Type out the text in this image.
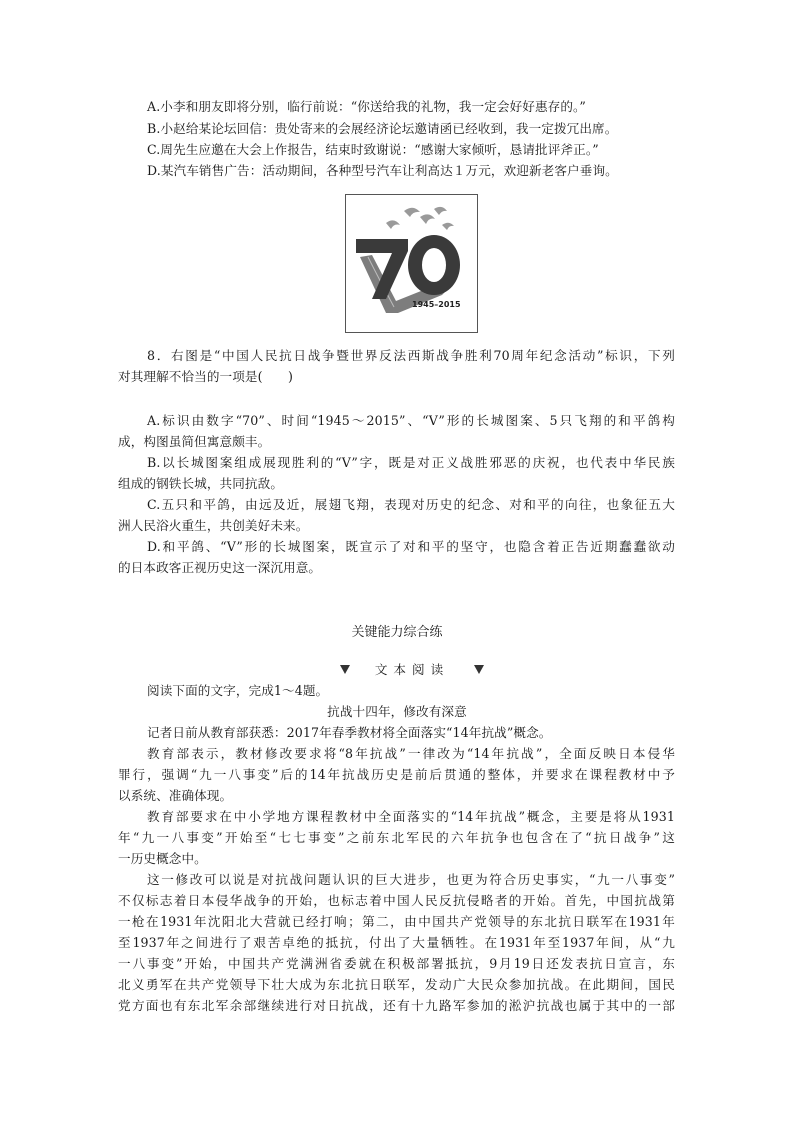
A.小李和朋友即将分别，临行前说：“你送给我的礼物，我一定会好好惠存的。”
B.小赵给某论坛回信：贵处寄来的会展经济论坛邀请函已经收到，我一定拨冗出席。
C.周先生应邀在大会上作报告，结束时致谢说：“感谢大家倾听，恳请批评斧正。”
D.某汽车销售广告：活动期间，各种型号汽车让利高达１万元，欢迎新老客户垂询。
1945–2015
8．右图是“中国人民抗日战争暨世界反法西斯战争胜利70周年纪念活动”标识，下列
对其理解不恰当的一项是(　　)
A.标识由数字“70”、时间“1945～2015”、“V”形的长城图案、5只飞翔的和平鸽构
成，构图虽简但寓意颇丰。
B.以长城图案组成展现胜利的“V”字，既是对正义战胜邪恶的庆祝，也代表中华民族
组成的钢铁长城，共同抗敌。
C.五只和平鸽，由远及近，展翅飞翔，表现对历史的纪念、对和平的向往，也象征五大
洲人民浴火重生，共创美好未来。
D.和平鸽、“V”形的长城图案，既宣示了对和平的坚守，也隐含着正告近期蠢蠢欲动
的日本政客正视历史这一深沉用意。
关键能力综合练
文本阅读
阅读下面的文字，完成1～4题。
抗战十四年，修改有深意
记者日前从教育部获悉：2017年春季教材将全面落实“14年抗战”概念。
教育部表示，教材修改要求将“8年抗战”一律改为“14年抗战”，全面反映日本侵华
罪行，强调“九一八事变”后的14年抗战历史是前后贯通的整体，并要求在课程教材中予
以系统、准确体现。
教育部要求在中小学地方课程教材中全面落实的“14年抗战”概念，主要是将从1931
年“九一八事变”开始至“七七事变”之前东北军民的六年抗争也包含在了“抗日战争”这
一历史概念中。
这一修改可以说是对抗战问题认识的巨大进步，也更为符合历史事实，“九一八事变”
不仅标志着日本侵华战争的开始，也标志着中国人民反抗侵略者的开始。首先，中国抗战第
一枪在1931年沈阳北大营就已经打响；第二，由中国共产党领导的东北抗日联军在1931年
至1937年之间进行了艰苦卓绝的抵抗，付出了大量牺牲。在1931年至1937年间，从“九
一八事变”开始，中国共产党满洲省委就在积极部署抵抗，9月19日还发表抗日宣言，东
北义勇军在共产党领导下壮大成为东北抗日联军，发动广大民众参加抗战。在此期间，国民
党方面也有东北军余部继续进行对日抗战，还有十九路军参加的淞沪抗战也属于其中的一部
